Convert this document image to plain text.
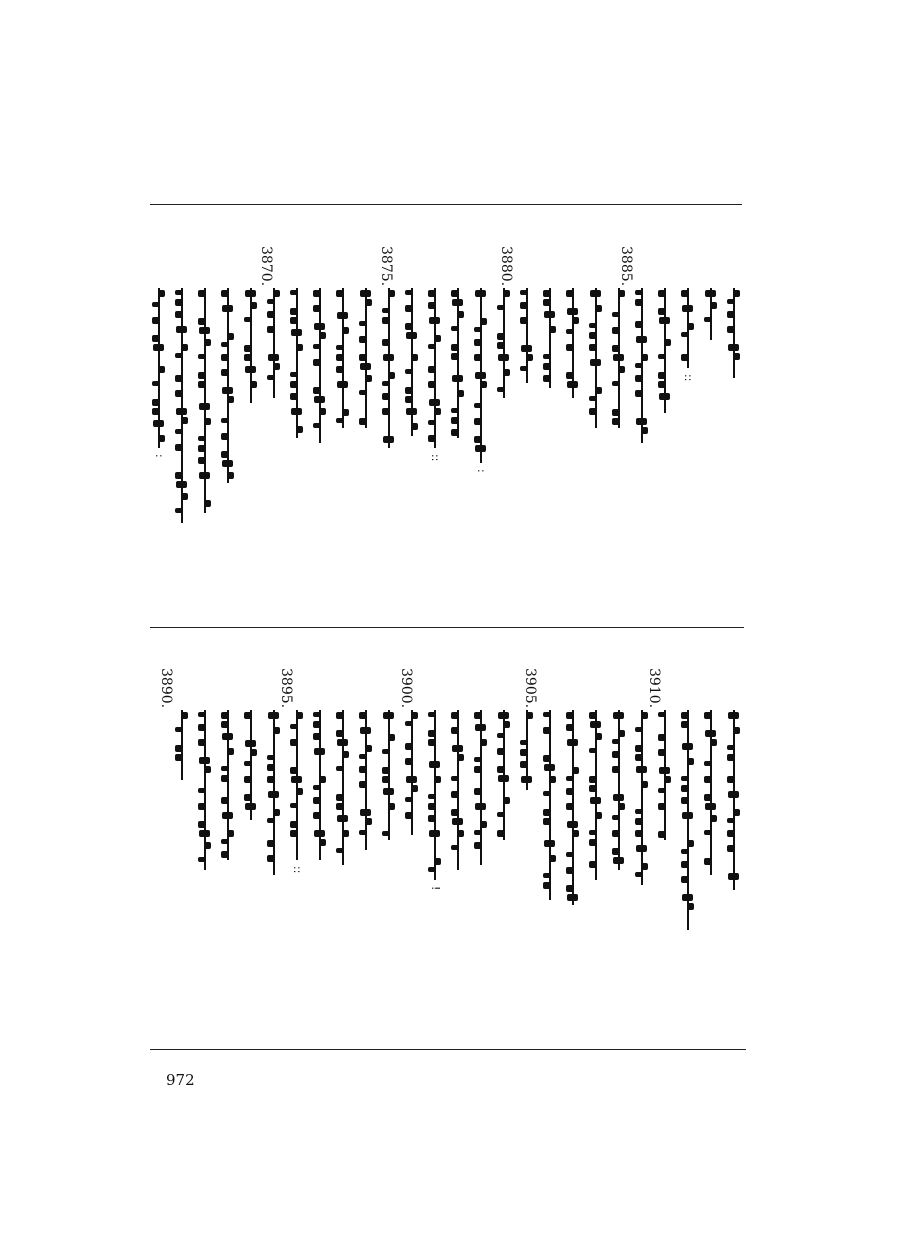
3870.	3875.	3880.	3885.
3890.	3895.	3900.	3905.	3910.
::
:
::
:
!
::
972
